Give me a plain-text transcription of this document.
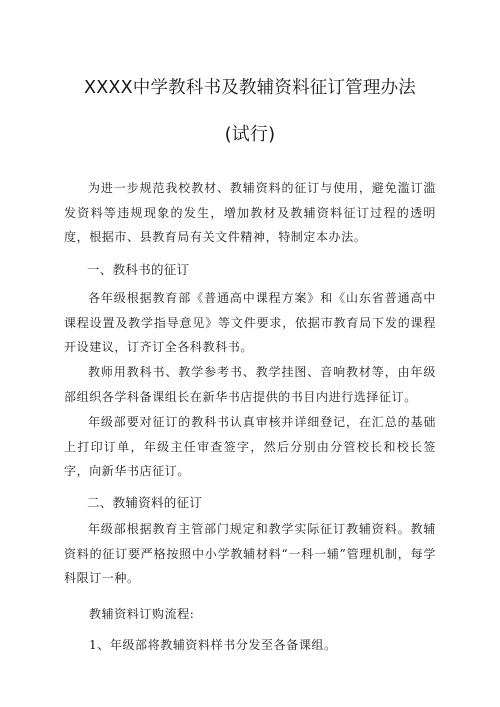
XXXX中学教科书及教辅资料征订管理办法
(试行)

为进一步规范我校教材、教辅资料的征订与使用，避免滥订滥发资料等违规现象的发生，增加教材及教辅资料征订过程的透明度，根据市、县教育局有关文件精神，特制定本办法。

一、教科书的征订

各年级根据教育部《普通高中课程方案》和《山东省普通高中课程设置及教学指导意见》等文件要求，依据市教育局下发的课程开设建议，订齐订全各科教科书。

教师用教科书、教学参考书、教学挂图、音响教材等，由年级部组织各学科备课组长在新华书店提供的书目内进行选择征订。

年级部要对征订的教科书认真审核并详细登记，在汇总的基础上打印订单，年级主任审查签字，然后分别由分管校长和校长签字，向新华书店征订。

二、教辅资料的征订

年级部根据教育主管部门规定和教学实际征订教辅资料。教辅资料的征订要严格按照中小学教辅材料“一科一辅”管理机制，每学科限订一种。

教辅资料订购流程:

1、年级部将教辅资料样书分发至各备课组。
